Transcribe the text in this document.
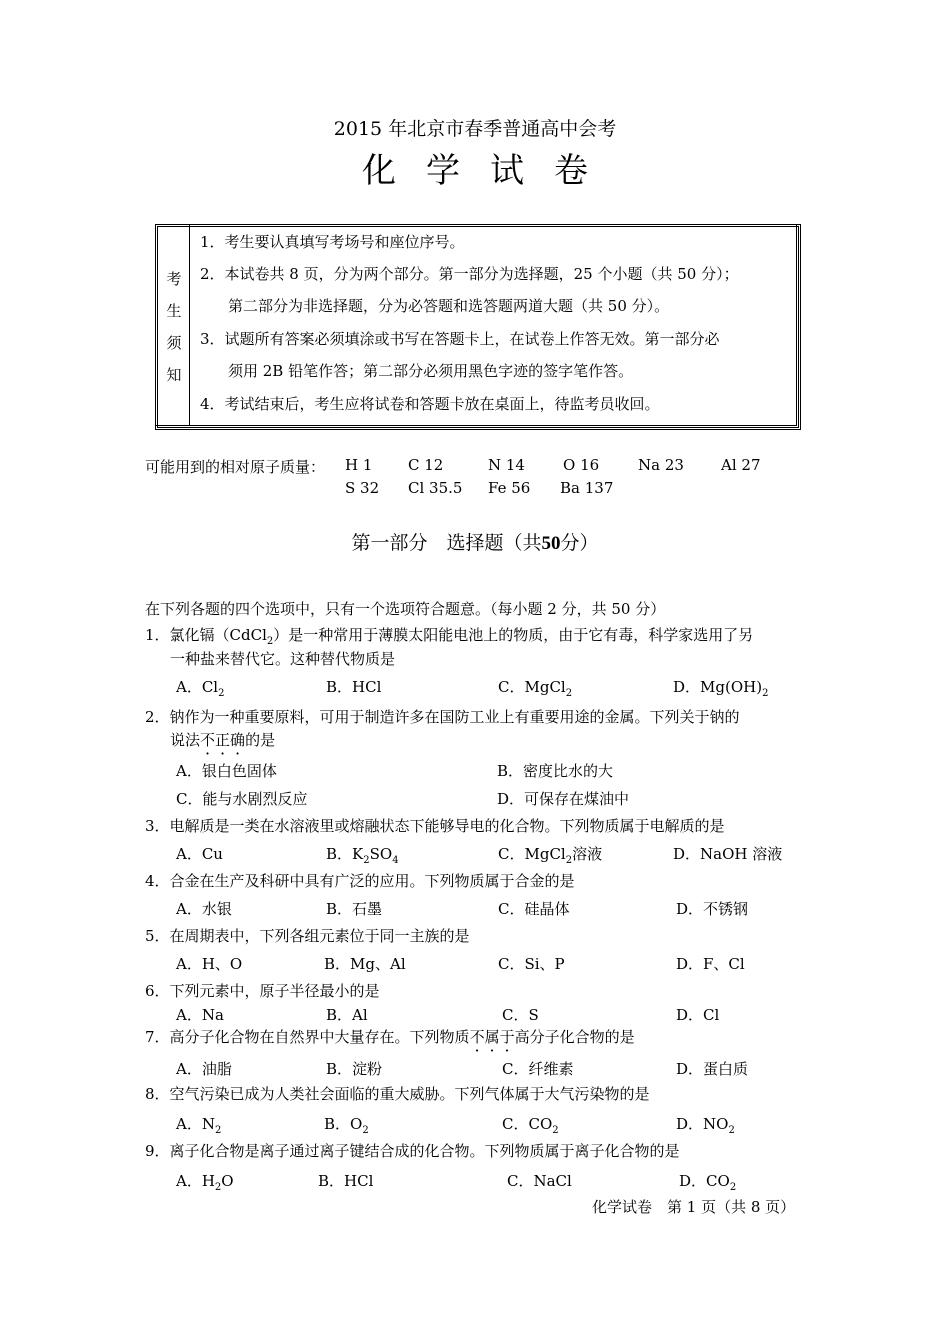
2015 年北京市春季普通高中会考
化学试卷
考
生
须
知
1．考生要认真填写考场号和座位序号。
2．本试卷共 8 页，分为两个部分。第一部分为选择题，25 个小题（共 50 分）；
第二部分为非选择题，分为必答题和选答题两道大题（共 50 分）。
3．试题所有答案必须填涂或书写在答题卡上，在试卷上作答无效。第一部分必
须用 2B 铅笔作答；第二部分必须用黑色字迹的签字笔作答。
4．考试结束后，考生应将试卷和答题卡放在桌面上，待监考员收回。
可能用到的相对原子质量： H 1 C 12	N 14	O 16	Na 23 Al 27
S 32 Cl 35.5 Fe 56 Ba 137
第一部分　选择题（共50分）
在下列各题的四个选项中，只有一个选项符合题意。（每小题 2 分，共 50 分）
1．氯化镉（CdCl$_2$）是一种常用于薄膜太阳能电池上的物质，由于它有毒，科学家选用了另
一种盐来替代它。这种替代物质是
A．$Cl_2$	B．HCl	C．MgCl$_2$	D．$Mg(OH)_2$
2．钠作为一种重要原料，可用于制造许多在国防工业上有重要用途的金属。下列关于钠的
说法不正确的是
A．银白色固体	B．密度比水的大
C．能与水剧烈反应	D．可保存在煤油中
3．电解质是一类在水溶液里或熔融状态下能够导电的化合物。下列物质属于电解质的是
A．Cu	B．$K_2SO_4$	C．MgCl$_2$溶液	D．NaOH 溶液
4．合金在生产及科研中具有广泛的应用。下列物质属于合金的是
A．水银	B．石墨	C．硅晶体	D．不锈钢
5．在周期表中，下列各组元素位于同一主族的是
A．H、O	B．Mg、Al	C．Si、P	D．F、Cl
6．下列元素中，原子半径最小的是
A．Na	B．Al	C．S	D．Cl
7．高分子化合物在自然界中大量存在。下列物质不属于高分子化合物的是
A．油脂	B．淀粉	C．纤维素	D．蛋白质
8．空气污染已成为人类社会面临的重大威胁。下列气体属于大气污染物的是
A．$N_2$	B．$O_2$	C．$CO_2$	D．$NO_2$
9．离子化合物是离子通过离子键结合成的化合物。下列物质属于离子化合物的是
A．$H_2O$	B．HCl	C．NaCl	D．$CO_2$
化学试卷　第 1 页（共 8 页）
